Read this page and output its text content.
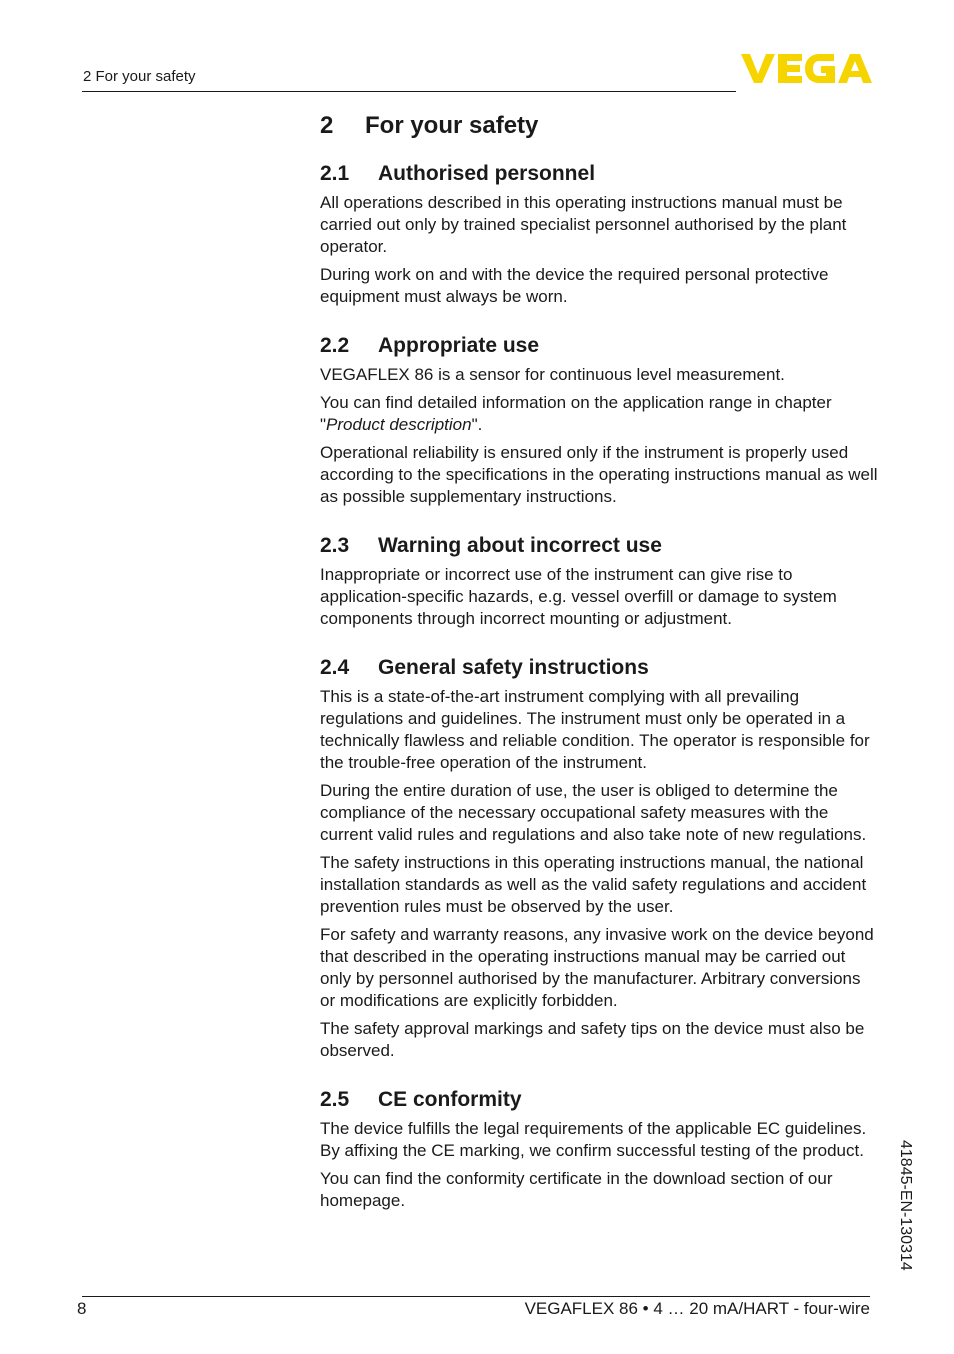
2 For your safety
2	For your safety
2.1	Authorised personnel

All operations described in this operating instructions manual must be carried out only by trained specialist personnel authorised by the plant operator.

During work on and with the device the required personal protective equipment must always be worn.

2.2	Appropriate use

VEGAFLEX 86 is a sensor for continuous level measurement.

You can find detailed information on the application range in chapter "Product description".

Operational reliability is ensured only if the instrument is properly used according to the specifications in the operating instructions manual as well as possible supplementary instructions.

2.3	Warning about incorrect use

Inappropriate or incorrect use of the instrument can give rise to application-specific hazards, e.g. vessel overfill or damage to system components through incorrect mounting or adjustment.

2.4	General safety instructions

This is a state-of-the-art instrument complying with all prevailing regulations and guidelines. The instrument must only be operated in a technically flawless and reliable condition. The operator is responsible for the trouble-free operation of the instrument.

During the entire duration of use, the user is obliged to determine the compliance of the necessary occupational safety measures with the current valid rules and regulations and also take note of new regulations.

The safety instructions in this operating instructions manual, the national installation standards as well as the valid safety regulations and accident prevention rules must be observed by the user.

For safety and warranty reasons, any invasive work on the device beyond that described in the operating instructions manual may be carried out only by personnel authorised by the manufacturer. Arbitrary conversions or modifications are explicitly forbidden.

The safety approval markings and safety tips on the device must also be observed.

2.5	CE conformity

The device fulfills the legal requirements of the applicable EC guidelines. By affixing the CE marking, we confirm successful testing of the product.

You can find the conformity certificate in the download section of our homepage.	41845-EN-130314
8	VEGAFLEX 86 • 4 … 20 mA/HART - four-wire
